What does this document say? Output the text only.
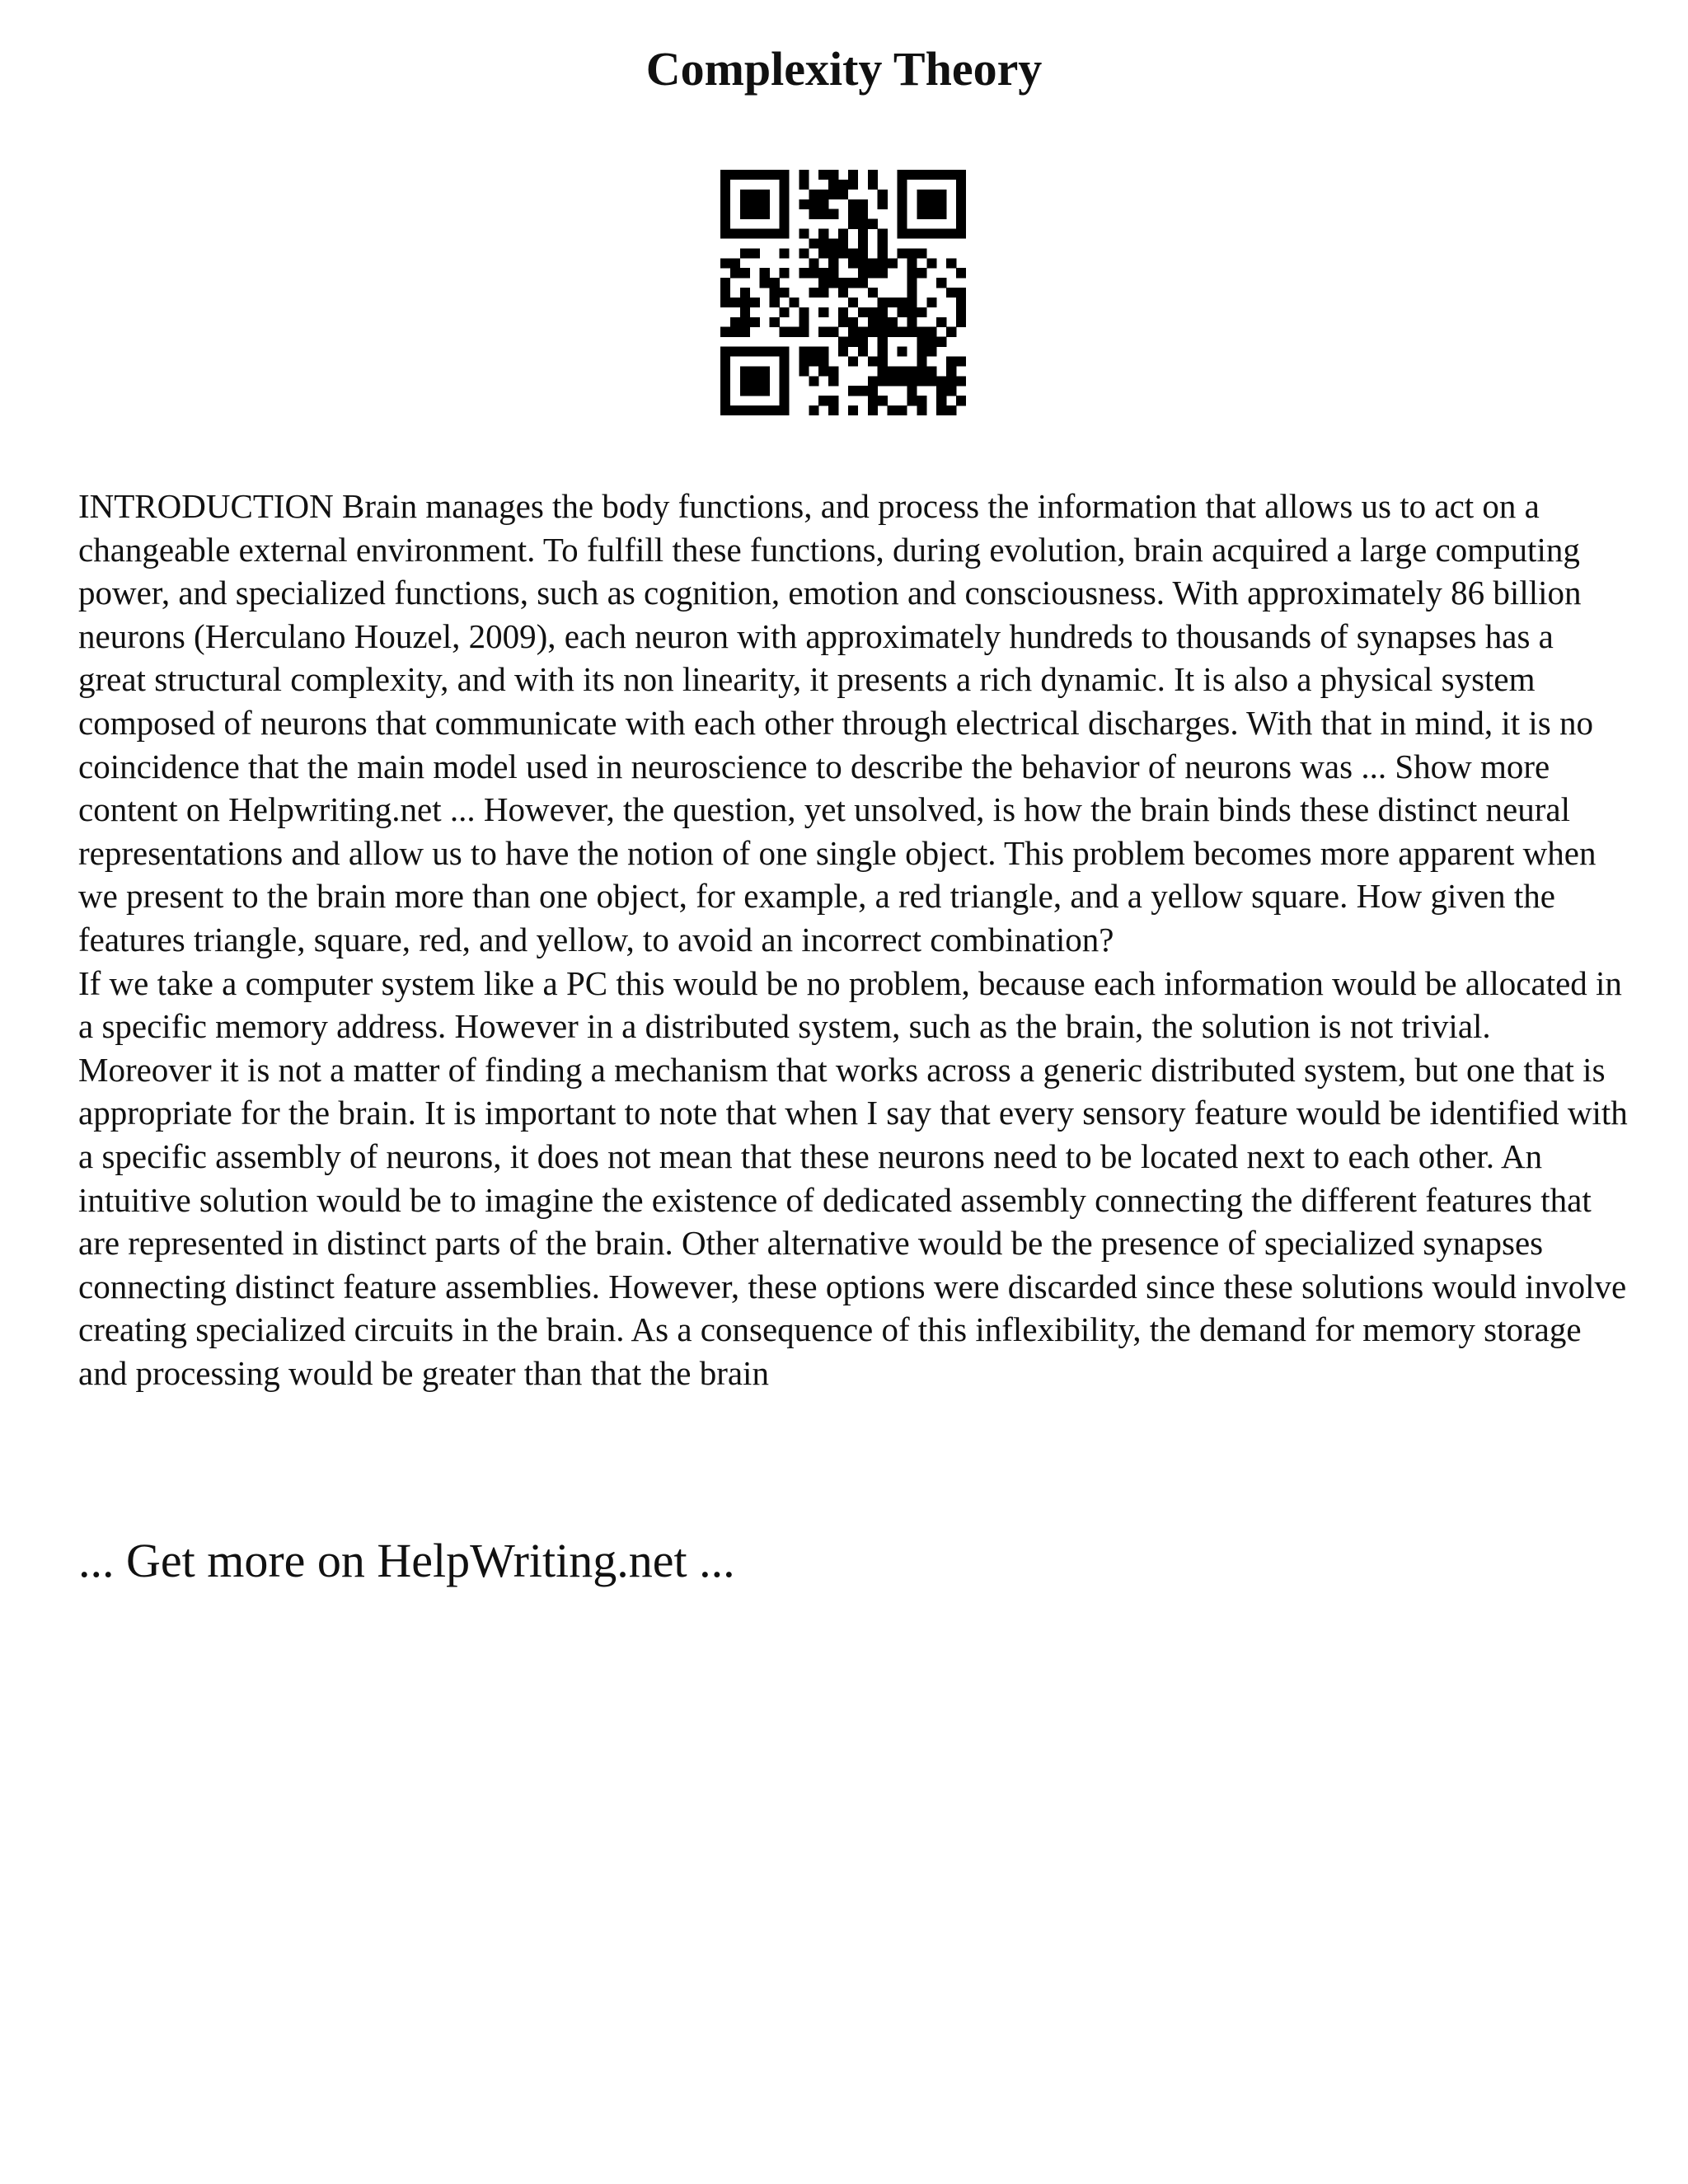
Complexity Theory

INTRODUCTION Brain manages the body functions, and process the information that allows us to act on a changeable external environment. To fulfill these functions, during evolution, brain acquired a large computing power, and specialized functions, such as cognition, emotion and consciousness. With approximately 86 billion neurons (Herculano Houzel, 2009), each neuron with approximately hundreds to thousands of synapses has a great structural complexity, and with its non linearity, it presents a rich dynamic. It is also a physical system composed of neurons that communicate with each other through electrical discharges. With that in mind, it is no coincidence that the main model used in neuroscience to describe the behavior of neurons was ... Show more content on Helpwriting.net ... However, the question, yet unsolved, is how the brain binds these distinct neural representations and allow us to have the notion of one single object. This problem becomes more apparent when we present to the brain more than one object, for example, a red triangle, and a yellow square. How given the features triangle, square, red, and yellow, to avoid an incorrect combination?

If we take a computer system like a PC this would be no problem, because each information would be allocated in a specific memory address. However in a distributed system, such as the brain, the solution is not trivial. Moreover it is not a matter of finding a mechanism that works across a generic distributed system, but one that is appropriate for the brain. It is important to note that when I say that every sensory feature would be identified with a specific assembly of neurons, it does not mean that these neurons need to be located next to each other. An intuitive solution would be to imagine the existence of dedicated assembly connecting the different features that are represented in distinct parts of the brain. Other alternative would be the presence of specialized synapses connecting distinct feature assemblies. However, these options were discarded since these solutions would involve creating specialized circuits in the brain. As a consequence of this inflexibility, the demand for memory storage and processing would be greater than that the brain

... Get more on HelpWriting.net ...
